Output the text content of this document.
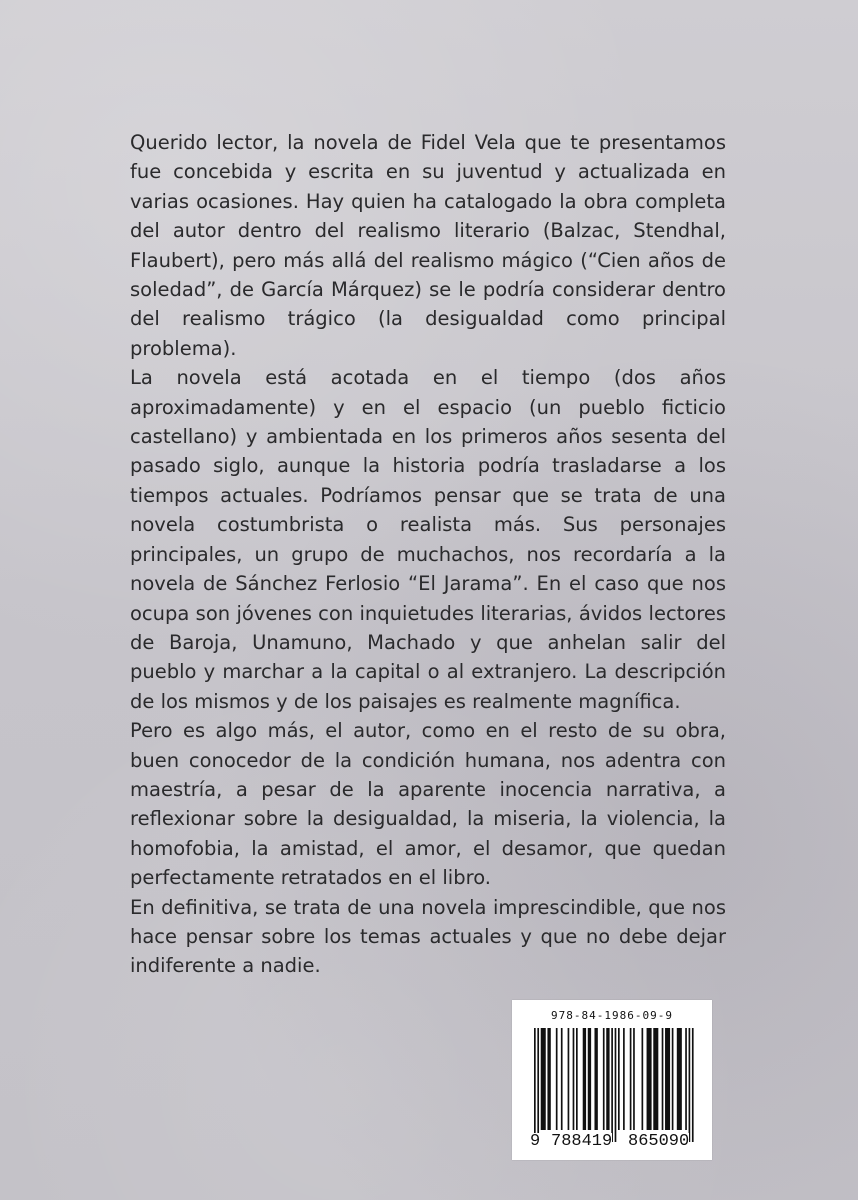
Querido lector, la novela de Fidel Vela que te presentamos fue concebida y escrita en su juventud y actualizada en varias ocasiones. Hay quien ha catalogado la obra completa del autor dentro del realismo literario (Balzac, Stendhal, Flaubert), pero más allá del realismo mágico (“Cien años de soledad”, de García Márquez) se le podría considerar dentro del realismo trágico (la desigualdad como principal problema).

La novela está acotada en el tiempo (dos años aproximadamente) y en el espacio (un pueblo ficticio castellano) y ambientada en los primeros años sesenta del pasado siglo, aunque la historia podría trasladarse a los tiempos actuales. Podríamos pensar que se trata de una novela costumbrista o realista más. Sus personajes principales, un grupo de muchachos, nos recordaría a la novela de Sánchez Ferlosio “El Jarama”. En el caso que nos ocupa son jóvenes con inquietudes literarias, ávidos lectores de Baroja, Unamuno, Machado y que anhelan salir del pueblo y marchar a la capital o al extranjero. La descripción de los mismos y de los paisajes es realmente magnífica.

Pero es algo más, el autor, como en el resto de su obra, buen conocedor de la condición humana, nos adentra con maestría, a pesar de la aparente inocencia narrativa, a reflexionar sobre la desigualdad, la miseria, la violencia, la homofobia, la amistad, el amor, el desamor, que quedan perfectamente retratados en el libro.

En definitiva, se trata de una novela imprescindible, que nos hace pensar sobre los temas actuales y que no debe dejar indiferente a nadie.

978-84-1986-09-9
9 788419 865090
